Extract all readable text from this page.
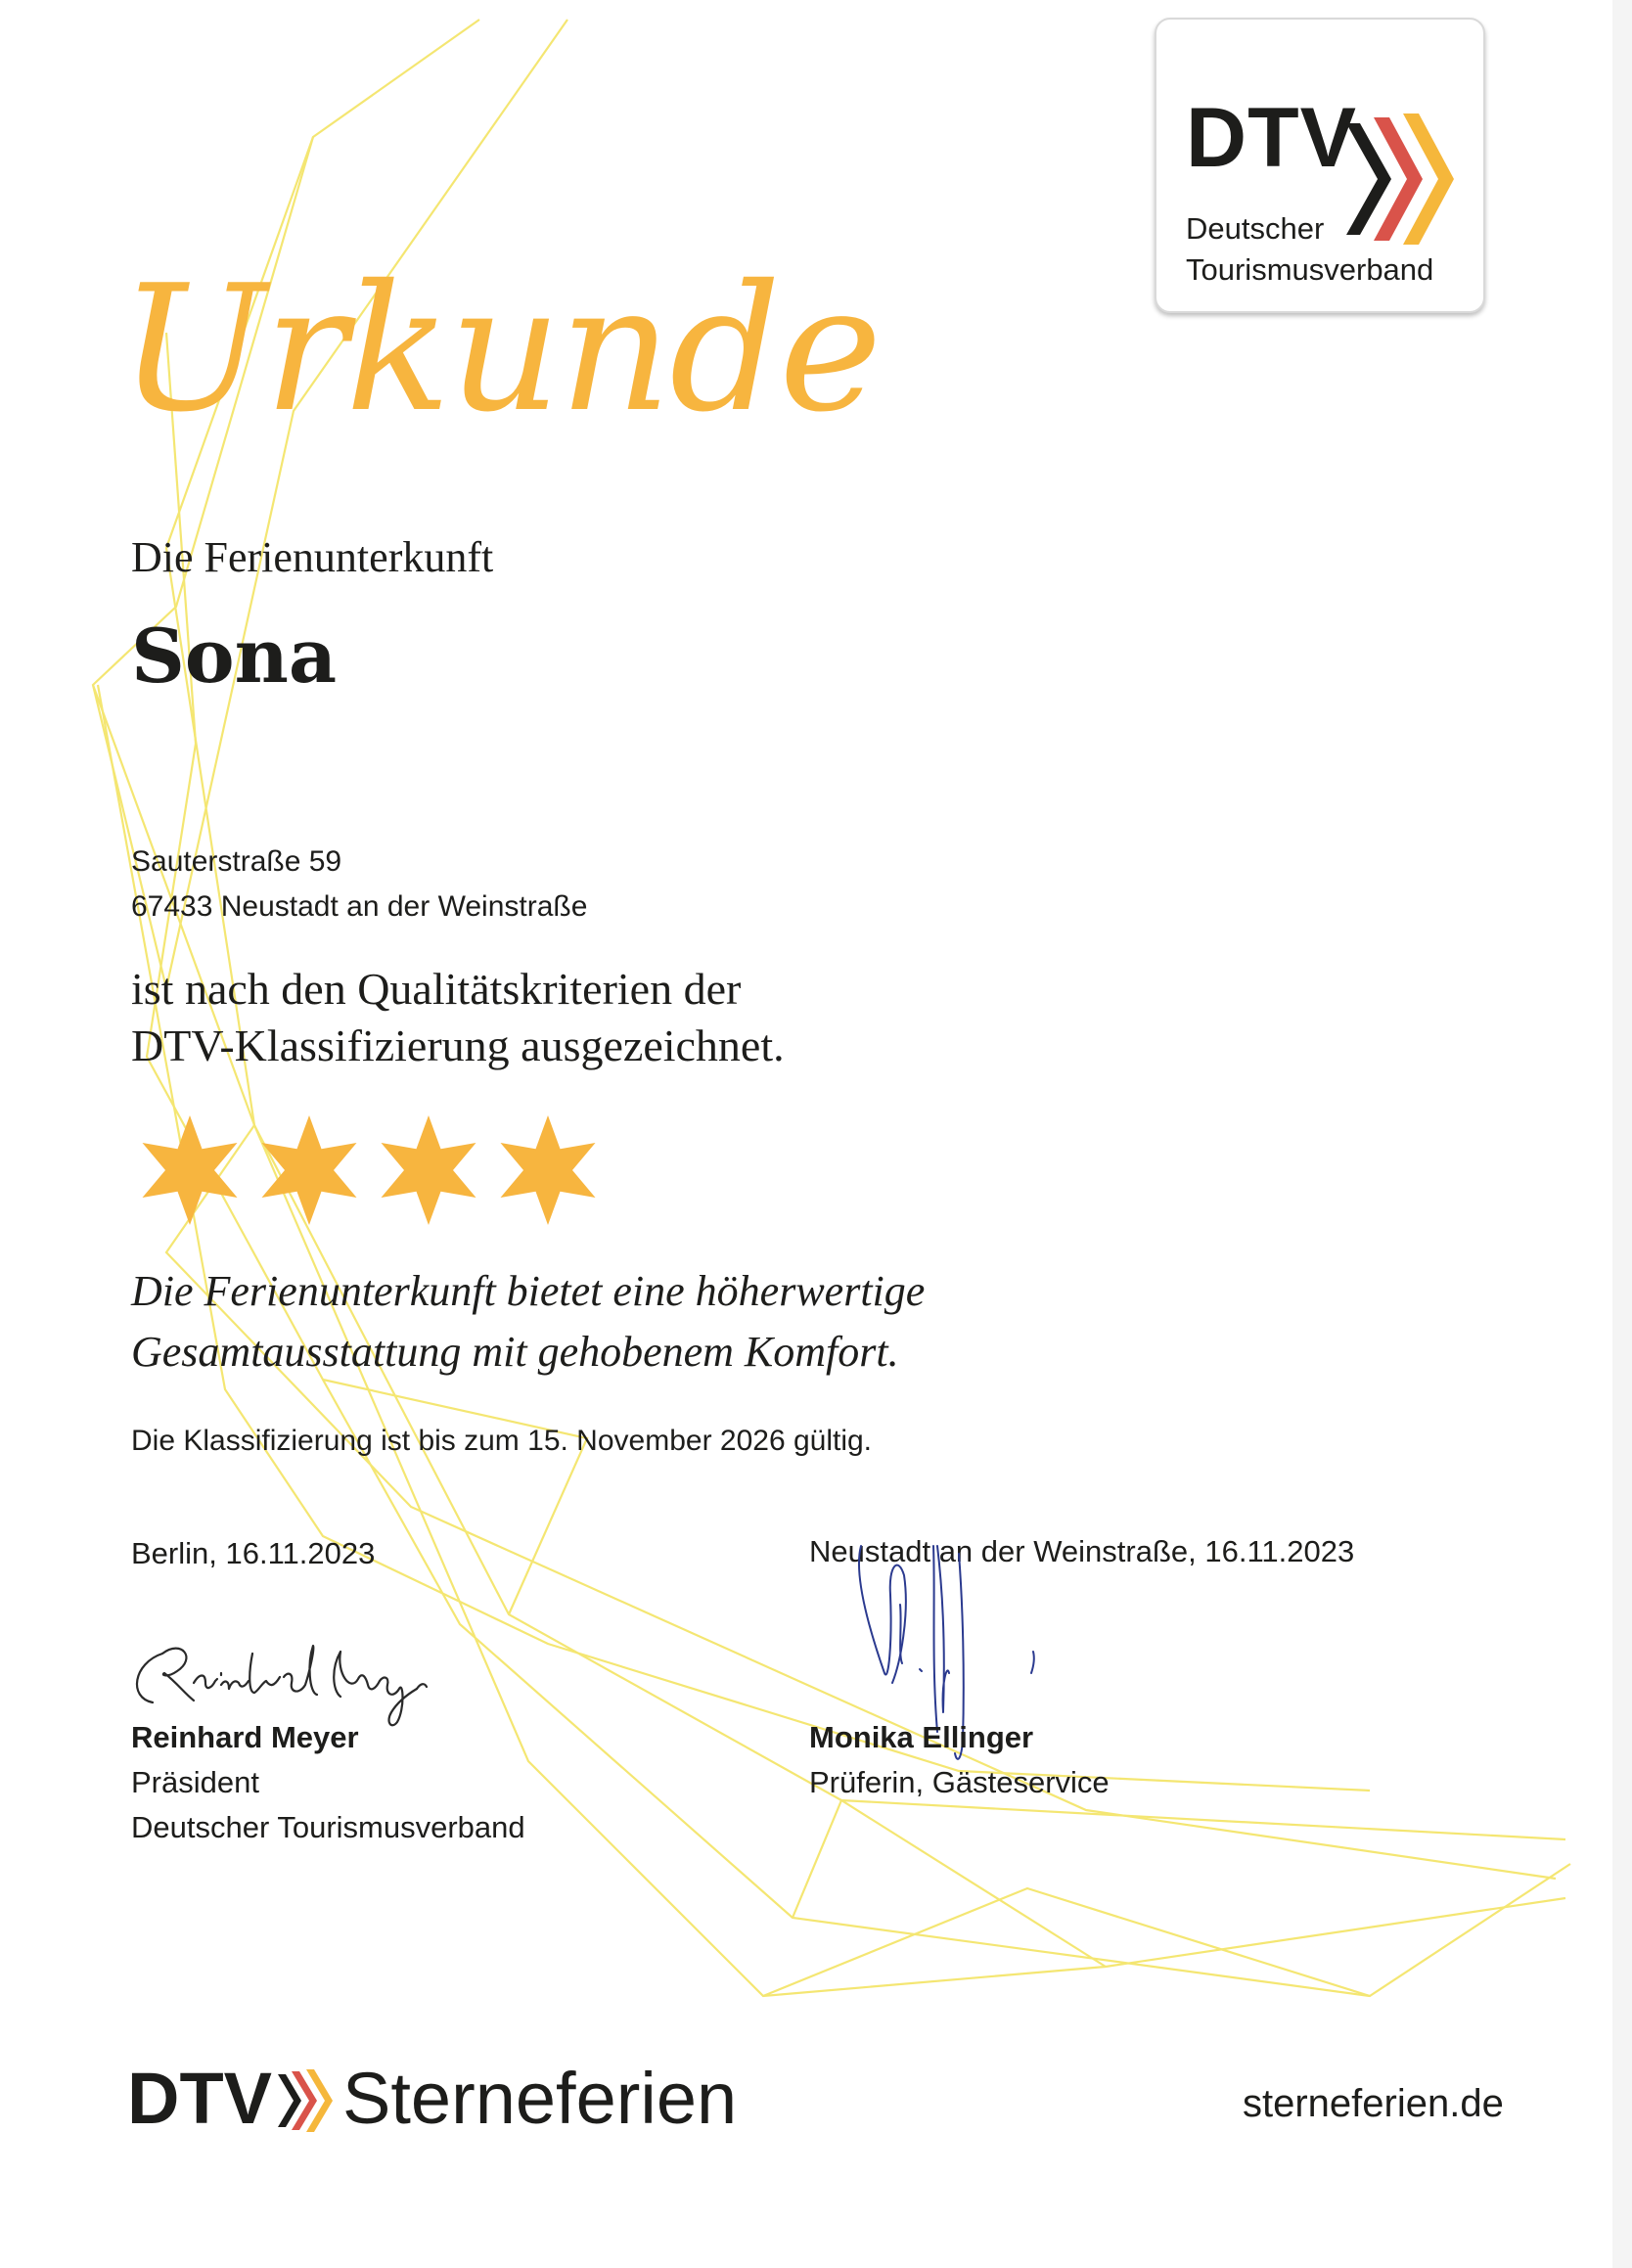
DTV
Deutscher
Tourismusverband
Urkunde
Die Ferienunterkunft
Sona
Sauterstraße 59
67433 Neustadt an der Weinstraße
ist nach den Qualitätskriterien der
DTV-Klassifizierung ausgezeichnet.
Die Ferienunterkunft bietet eine höherwertige
Gesamtausstattung mit gehobenem Komfort.
Die Klassifizierung ist bis zum 15. November 2026 gültig.
Berlin, 16.11.2023	Neustadt an der Weinstraße, 16.11.2023
Reinhard Meyer
Präsident
Deutscher Tourismusverband
Monika Ellinger
Prüferin, Gästeservice
DTV Sterneferien	sterneferien.de
